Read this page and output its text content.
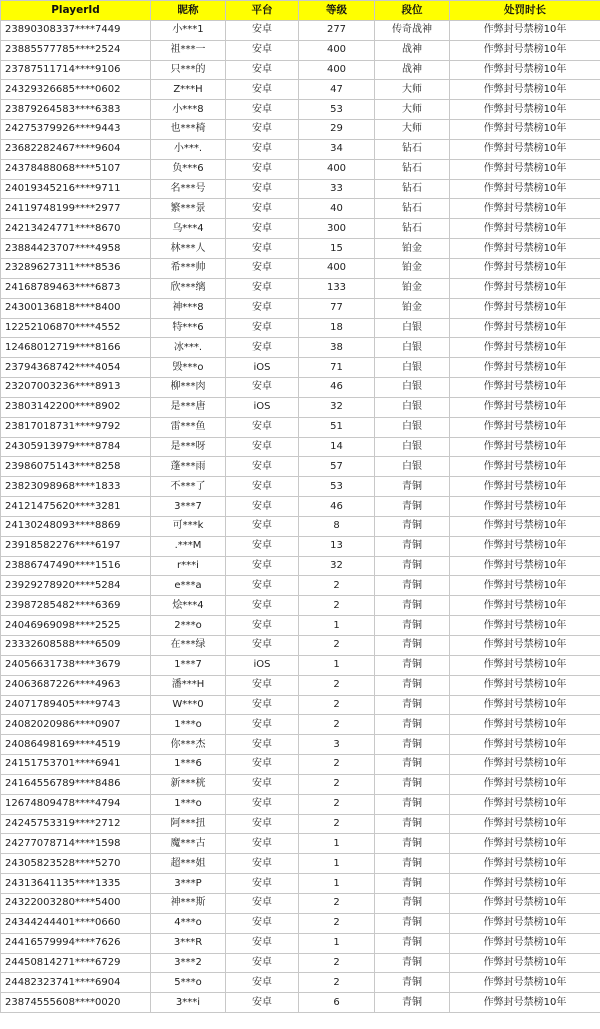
PlayerId	昵称	平台	等级	段位	处罚时长
23890308337****7449	小***1	安卓	277	传奇战神	作弊封号禁榜10年
23885577785****2524	祖***一	安卓	400	战神	作弊封号禁榜10年
23787511714****9106	只***的	安卓	400	战神	作弊封号禁榜10年
24329326685****0602	Z***H	安卓	47	大师	作弊封号禁榜10年
23879264583****6383	小***8	安卓	53	大师	作弊封号禁榜10年
24275379926****9443	也***椅	安卓	29	大师	作弊封号禁榜10年
23682282467****9604	小***.	安卓	34	钻石	作弊封号禁榜10年
24378488068****5107	负***6	安卓	400	钻石	作弊封号禁榜10年
24019345216****9711	名***号	安卓	33	钻石	作弊封号禁榜10年
24119748199****2977	繁***景	安卓	40	钻石	作弊封号禁榜10年
24213424771****8670	乌***4	安卓	300	钻石	作弊封号禁榜10年
23884423707****4958	林***人	安卓	15	铂金	作弊封号禁榜10年
23289627311****8536	希***帅	安卓	400	铂金	作弊封号禁榜10年
24168789463****6873	欣***缡	安卓	133	铂金	作弊封号禁榜10年
24300136818****8400	神***8	安卓	77	铂金	作弊封号禁榜10年
12252106870****4552	特***6	安卓	18	白银	作弊封号禁榜10年
12468012719****8166	冰***.	安卓	38	白银	作弊封号禁榜10年
23794368742****4054	毁***o	iOS	71	白银	作弊封号禁榜10年
23207003236****8913	柳***肉	安卓	46	白银	作弊封号禁榜10年
23803142200****8902	是***唐	iOS	32	白银	作弊封号禁榜10年
23817018731****9792	雷***鱼	安卓	51	白银	作弊封号禁榜10年
24305913979****8784	是***呀	安卓	14	白银	作弊封号禁榜10年
23986075143****8258	蓬***雨	安卓	57	白银	作弊封号禁榜10年
23823098968****1833	不***了	安卓	53	青铜	作弊封号禁榜10年
24121475620****3281	3***7	安卓	46	青铜	作弊封号禁榜10年
24130248093****8869	可***k	安卓	8	青铜	作弊封号禁榜10年
23918582276****6197	.***M	安卓	13	青铜	作弊封号禁榜10年
23886747490****1516	r***i	安卓	32	青铜	作弊封号禁榜10年
23929278920****5284	e***a	安卓	2	青铜	作弊封号禁榜10年
23987285482****6369	烩***4	安卓	2	青铜	作弊封号禁榜10年
24046969098****2525	2***o	安卓	1	青铜	作弊封号禁榜10年
23332608588****6509	在***绿	安卓	2	青铜	作弊封号禁榜10年
24056631738****3679	1***7	iOS	1	青铜	作弊封号禁榜10年
24063687226****4963	潘***H	安卓	2	青铜	作弊封号禁榜10年
24071789405****9743	W***0	安卓	2	青铜	作弊封号禁榜10年
24082020986****0907	1***o	安卓	2	青铜	作弊封号禁榜10年
24086498169****4519	你***杰	安卓	3	青铜	作弊封号禁榜10年
24151753701****6941	1***6	安卓	2	青铜	作弊封号禁榜10年
24164556789****8486	新***桄	安卓	2	青铜	作弊封号禁榜10年
12674809478****4794	1***o	安卓	2	青铜	作弊封号禁榜10年
24245753319****2712	阿***扭	安卓	2	青铜	作弊封号禁榜10年
24277078714****1598	魔***古	安卓	1	青铜	作弊封号禁榜10年
24305823528****5270	超***姐	安卓	1	青铜	作弊封号禁榜10年
24313641135****1335	3***P	安卓	1	青铜	作弊封号禁榜10年
24322003280****5400	神***斯	安卓	2	青铜	作弊封号禁榜10年
24344244401****0660	4***o	安卓	2	青铜	作弊封号禁榜10年
24416579994****7626	3***R	安卓	1	青铜	作弊封号禁榜10年
24450814271****6729	3***2	安卓	2	青铜	作弊封号禁榜10年
24482323741****6904	5***o	安卓	2	青铜	作弊封号禁榜10年
23874555608****0020	3***i	安卓	6	青铜	作弊封号禁榜10年
